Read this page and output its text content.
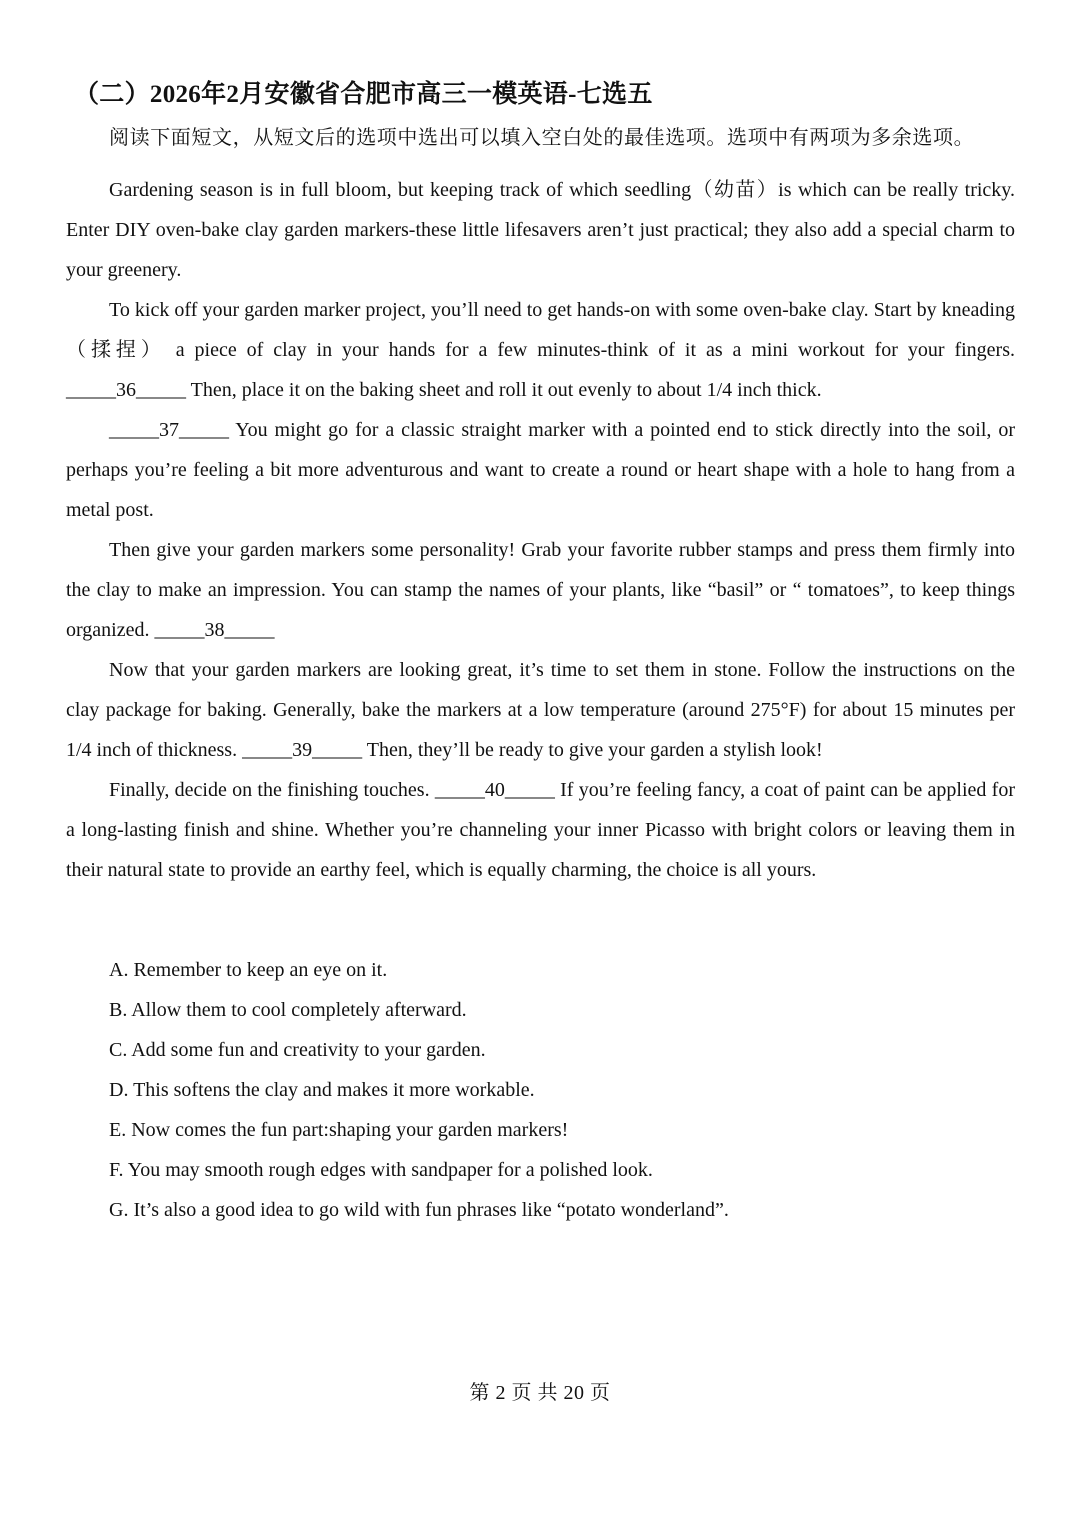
（二）2026年2月安徽省合肥市高三一模英语-七选五

阅读下面短文，从短文后的选项中选出可以填入空白处的最佳选项。选项中有两项为多余选项。

Gardening season is in full bloom, but keeping track of which seedling（幼苗）is which can be really tricky. Enter DIY oven-bake clay garden markers-these little lifesavers aren’t just practical; they also add a special charm to your greenery.

To kick off your garden marker project, you’ll need to get hands-on with some oven-bake clay. Start by kneading（揉捏） a piece of clay in your hands for a few minutes-think of it as a mini workout for your fingers. _____36_____ Then, place it on the baking sheet and roll it out evenly to about 1/4 inch thick.

_____37_____ You might go for a classic straight marker with a pointed end to stick directly into the soil, or perhaps you’re feeling a bit more adventurous and want to create a round or heart shape with a hole to hang from a metal post.

Then give your garden markers some personality! Grab your favorite rubber stamps and press them firmly into the clay to make an impression. You can stamp the names of your plants, like “basil” or “ tomatoes”, to keep things organized. _____38_____

Now that your garden markers are looking great, it’s time to set them in stone. Follow the instructions on the clay package for baking. Generally, bake the markers at a low temperature (around 275°F) for about 15 minutes per 1/4 inch of thickness. _____39_____ Then, they’ll be ready to give your garden a stylish look!

Finally, decide on the finishing touches. _____40_____ If you’re feeling fancy, a coat of paint can be applied for a long-lasting finish and shine. Whether you’re channeling your inner Picasso with bright colors or leaving them in their natural state to provide an earthy feel, which is equally charming, the choice is all yours.

A. Remember to keep an eye on it.

B. Allow them to cool completely afterward.

C. Add some fun and creativity to your garden.

D. This softens the clay and makes it more workable.

E. Now comes the fun part:shaping your garden markers!

F. You may smooth rough edges with sandpaper for a polished look.

G. It’s also a good idea to go wild with fun phrases like “potato wonderland”.

第 2 页 共 20 页
